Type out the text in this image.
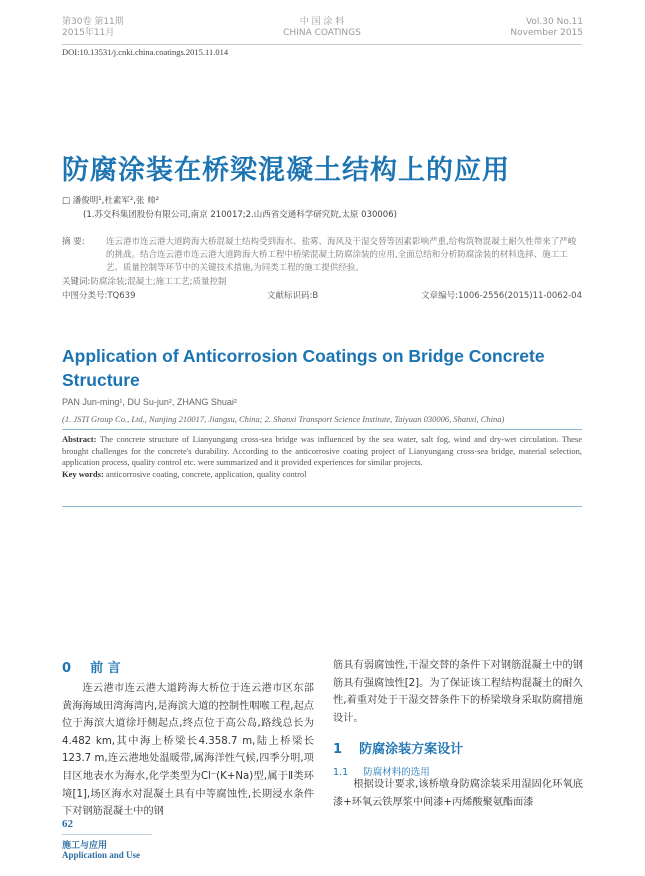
第30卷 第11期
2015年11月
中 国 涂 料
CHINA COATINGS
Vol.30 No.11
November 2015
DOI:10.13531/j.cnki.china.coatings.2015.11.014
防腐涂装在桥梁混凝土结构上的应用
□ 潘俊明¹,杜素军²,张 帅²
(1.苏交科集团股份有限公司,南京 210017;2.山西省交通科学研究院,太原 030006)
摘 要:	连云港市连云港大道跨海大桥混凝土结构受到海水、盐雾、海风及干湿交替等因素影响严重,给构筑物混凝土耐久性带来了严峻的挑战。结合连云港市连云港大道跨海大桥工程中桥梁混凝土防腐涂装的应用,全面总结和分析防腐涂装的材料选择、施工工艺、质量控制等环节中的关键技术措施,为同类工程的施工提供经验。
关键词:防腐涂装;混凝土;施工工艺;质量控制
中图分类号:TQ639	文献标识码:B	文章编号:1006-2556(2015)11-0062-04
Application of Anticorrosion Coatings on Bridge Concrete Structure
PAN Jun-ming¹, DU Su-jun², ZHANG Shuai²
(1. JSTI Group Co., Ltd., Nanjing 210017, Jiangsu, China; 2. Shanxi Transport Science Institute, Taiyuan 030006, Shanxi, China)
Abstract: The concrete structure of Lianyungang cross-sea bridge was influenced by the sea water, salt fog, wind and dry-wet circulation. These brought challenges for the concrete's durability. According to the anticorrosive coating project of Lianyungang cross-sea bridge, material selection, application process, quality control etc. were summarized and it provided experiences for similar projects.
Key words: anticorrosive coating, concrete, application, quality control
0 前 言
连云港市连云港大道跨海大桥位于连云港市区东部黄海海域田湾海湾内,是海滨大道的控制性咽喉工程,起点位于海滨大道徐圩侧起点,终点位于高公岛,路线总长为4.482 km,其中海上桥梁长4.358.7 m,陆上桥梁长123.7 m,连云港地处温暖带,属海洋性气候,四季分明,项目区地表水为海水,化学类型为Cl⁻(K+Na)型,属于Ⅱ类环境[1],场区海水对混凝土具有中等腐蚀性,长期浸水条件下对钢筋混凝土中的钢
筋具有弱腐蚀性,干湿交替的条件下对钢筋混凝土中的钢筋具有强腐蚀性[2]。为了保证该工程结构混凝土的耐久性,着重对处于干湿交替条件下的桥梁墩身采取防腐措施设计。
1 防腐涂装方案设计
1.1 防腐材料的选用
根据设计要求,该桥墩身防腐涂装采用湿固化环氧底漆+环氧云铁厚浆中间漆+丙烯酸聚氨酯面漆
62
施工与应用
Application and Use
